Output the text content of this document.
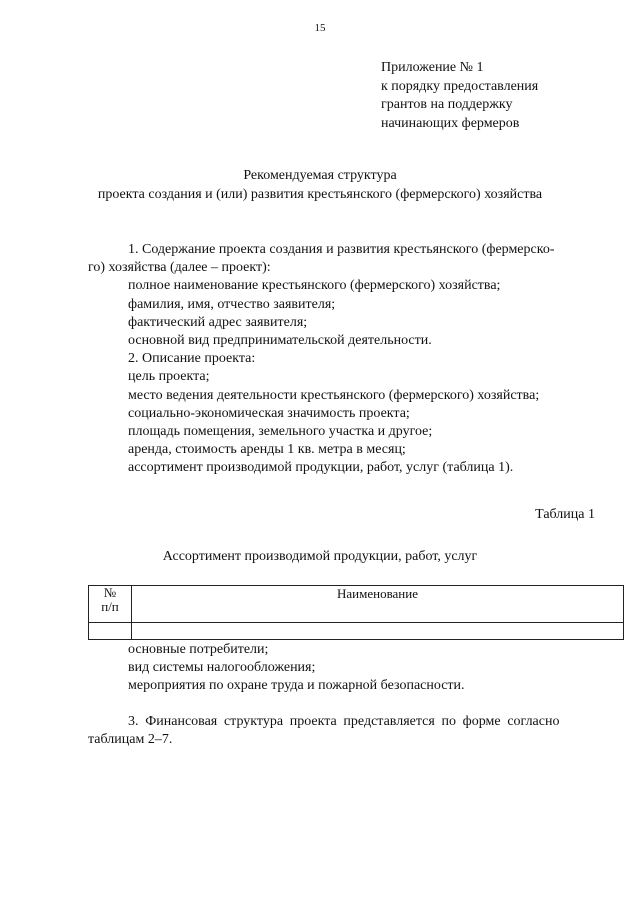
15
Приложение № 1
к порядку предоставления
грантов на поддержку
начинающих фермеров
Рекомендуемая структура
проекта создания и (или) развития крестьянского (фермерского) хозяйства
1. Содержание проекта создания и развития крестьянского (фермерско-
го) хозяйства (далее – проект):
полное наименование крестьянского (фермерского) хозяйства;
фамилия, имя, отчество заявителя;
фактический адрес заявителя;
основной вид предпринимательской деятельности.
2. Описание проекта:
цель проекта;
место ведения деятельности крестьянского (фермерского) хозяйства;
социально-экономическая значимость проекта;
площадь помещения, земельного участка и другое;
аренда, стоимость аренды 1 кв. метра в месяц;
ассортимент производимой продукции, работ, услуг (таблица 1).
Таблица 1
Ассортимент производимой продукции, работ, услуг
№
п/п	Наименование

основные потребители;
вид системы налогообложения;
мероприятия по охране труда и пожарной безопасности.
3. Финансовая структура проекта представляется по форме согласно
таблицам 2–7.
